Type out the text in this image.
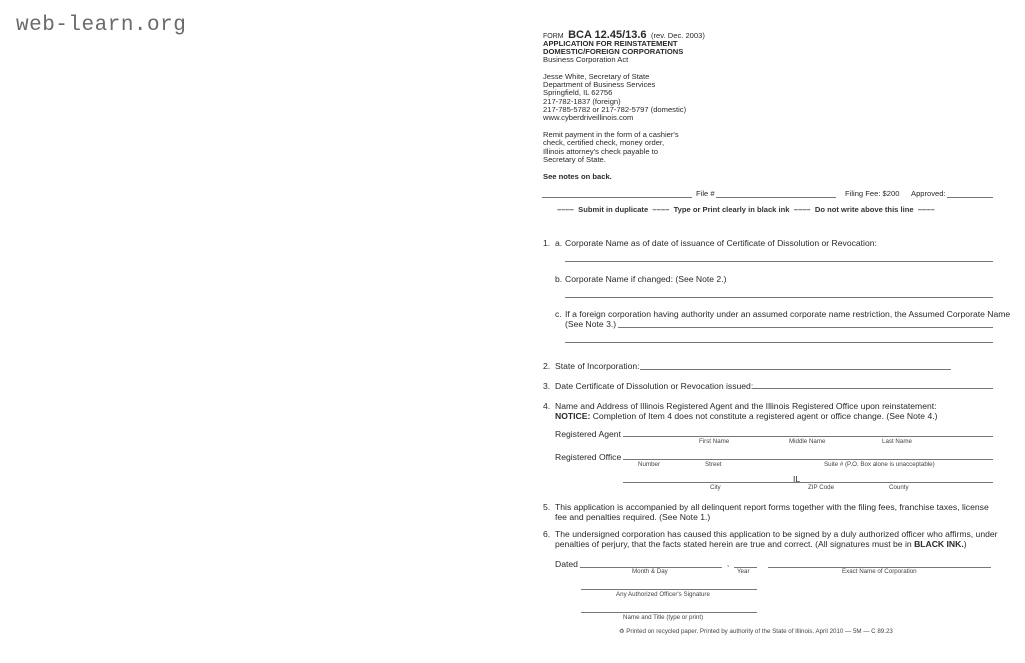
web-learn.org	FORM BCA 12.45/13.6 (rev. Dec. 2003)
APPLICATION FOR REINSTATEMENT
DOMESTIC/FOREIGN CORPORATIONS
Business Corporation Act
Jesse White, Secretary of State
Department of Business Services
Springfield, IL 62756
217-782-1837 (foreign)
217-785-5782 or 217-782-5797 (domestic)
www.cyberdriveillinois.com
Remit payment in the form of a cashier's
check, certified check, money order,
Illinois attorney's check payable to
Secretary of State.
See notes on back.
File #	Filing Fee: $200 Approved:
–––– Submit in duplicate –––– Type or Print clearly in black ink –––– Do not write above this line ––––
1. a. Corporate Name as of date of issuance of Certificate of Dissolution or Revocation:
b. Corporate Name if changed: (See Note 2.)
c. If a foreign corporation having authority under an assumed corporate name restriction, the Assumed Corporate Name
(See Note 3.)
2. State of Incorporation:
3. Date Certificate of Dissolution or Revocation issued:
4. Name and Address of Illinois Registered Agent and the Illinois Registered Office upon reinstatement:
NOTICE: Completion of Item 4 does not constitute a registered agent or office change. (See Note 4.)
Registered Agent
First Name	Middle Name	Last Name
Registered Office
Number	Street	Suite # (P.O. Box alone is unacceptable)
IL
City	ZIP Code	County
5. This application is accompanied by all delinquent report forms together with the filing fees, franchise taxes, license
fee and penalties required. (See Note 1.)
6. The undersigned corporation has caused this application to be signed by a duly authorized officer who affirms, under
penalties of perjury, that the facts stated herein are true and correct. (All signatures must be in BLACK INK.)
Dated
Month & Day
,
Year	Exact Name of Corporation
Any Authorized Officer's Signature
Name and Title (type or print)
♻ Printed on recycled paper. Printed by authority of the State of Illinois. April 2010 — 5M — C 89.23
